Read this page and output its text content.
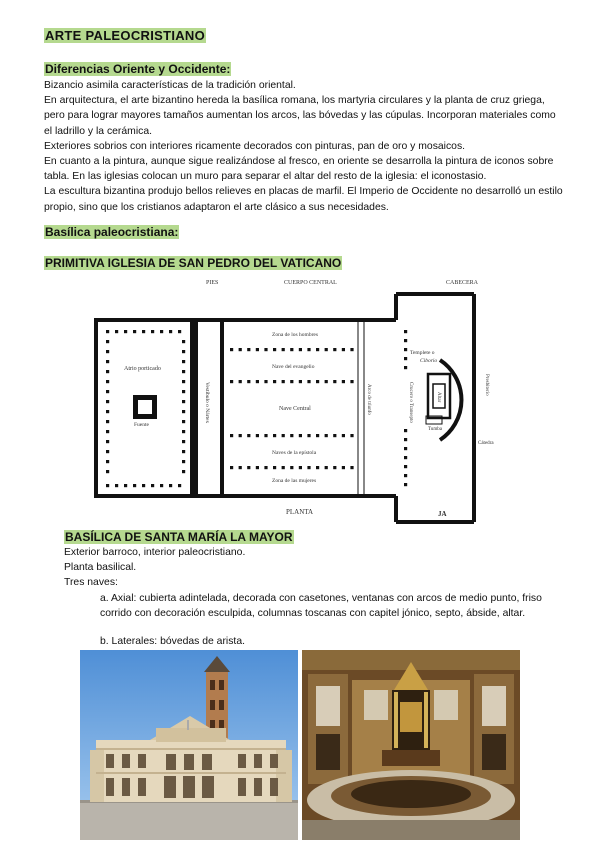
ARTE PALEOCRISTIANO
Diferencias Oriente y Occidente:

Bizancio asimila características de la tradición oriental.

En arquitectura, el arte bizantino hereda la basílica romana, los martyria circulares y la planta de cruz griega, pero para lograr mayores tamaños aumentan los arcos, las bóvedas y las cúpulas. Incorporan materiales como el ladrillo y la cerámica.

Exteriores sobrios con interiores ricamente decorados con pinturas, pan de oro y mosaicos.

En cuanto a la pintura, aunque sigue realizándose al fresco, en oriente se desarrolla la pintura de iconos sobre tabla. En las iglesias colocan un muro para separar el altar del resto de la iglesia: el iconostasio.

La escultura bizantina produjo bellos relieves en placas de marfil. El Imperio de Occidente no desarrolló un estilo propio, sino que los cristianos adaptaron el arte clásico a sus necesidades.

Basílica paleocristiana:
PRIMITIVA IGLESIA DE SAN PEDRO DEL VATICANO
PIES	CUERPO CENTRAL	CABECERA
PLANTA	JA
Atrio porticado
Fuente
Vestíbulo o Nártex
Zona de los hombres
Nave del evangelio
Nave Central
Naves de la epístola
Zona de las mujeres
Arco de triunfo	Crucero o Transepto
Templete o
Ciborio
Altar
Tumba
Presbiterio
Cátedra
BASÍLICA DE SANTA MARÍA LA MAYOR

Exterior barroco, interior paleocristiano.

Planta basilical.

Tres naves:

a. Axial: cubierta adintelada, decorada con casetones, ventanas con arcos de medio punto, friso corrido con decoración esculpida, columnas toscanas con capitel jónico, septo, ábside, altar.

b. Laterales: bóvedas de arista.
